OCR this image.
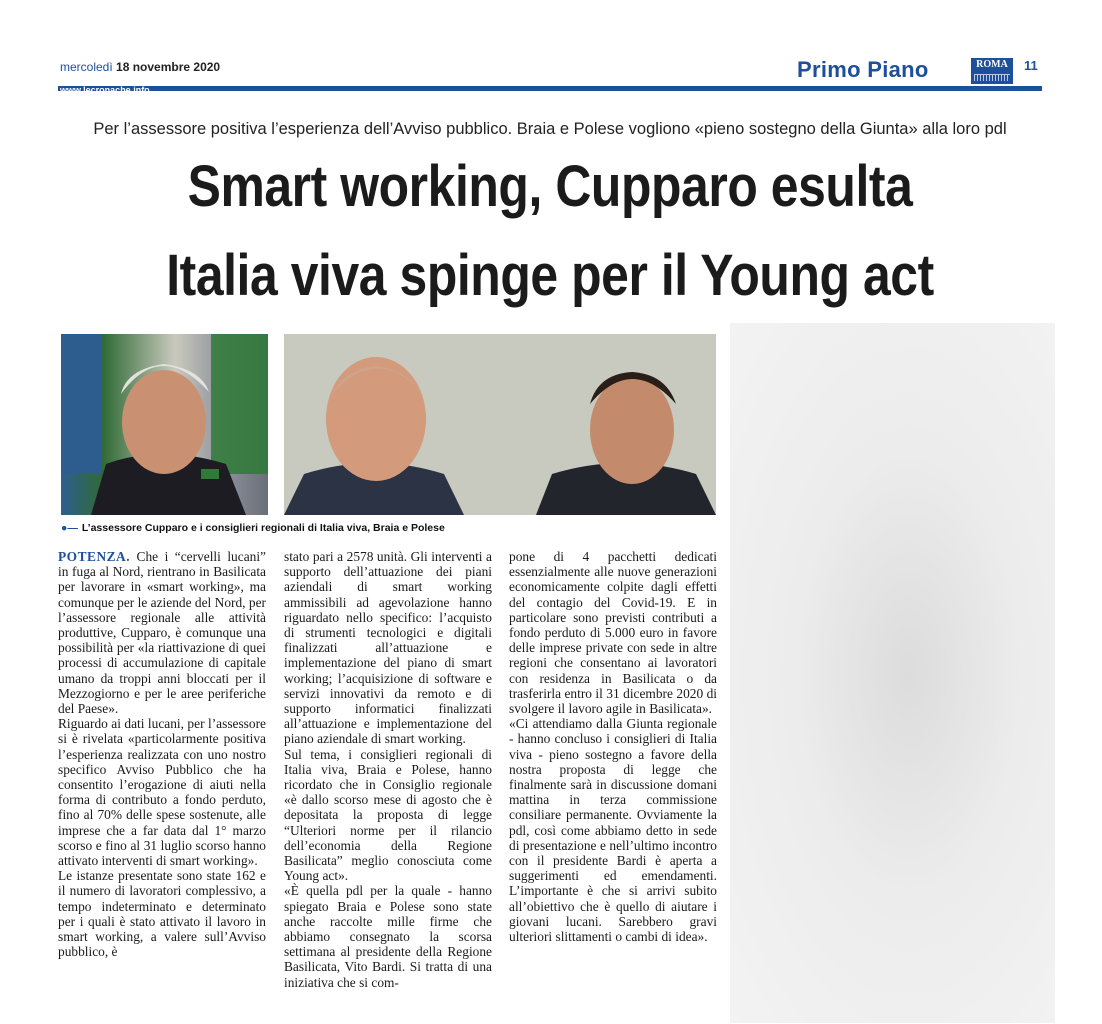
mercoledì 18 novembre 2020
www.lecronache.info
Primo Piano	ROMA	11
Per l’assessore positiva l’esperienza dell’Avviso pubblico. Braia e Polese vogliono «pieno sostegno della Giunta» alla loro pdl
Smart working, Cupparo esulta
Italia viva spinge per il Young act
●— L’assessore Cupparo e i consiglieri regionali di Italia viva, Braia e Polese

POTENZA. Che i “cervelli lucani” in fuga al Nord, rientrano in Basilicata per lavorare in «smart working», ma comunque per le aziende del Nord, per l’assessore regionale alle attività produttive, Cupparo, è comunque una possibilità per «la riattivazione di quei processi di accumulazione di capitale umano da troppi anni bloccati per il Mezzogiorno e per le aree periferiche del Paese».

Riguardo ai dati lucani, per l’assessore si è rivelata «particolarmente positiva l’esperienza realizzata con uno nostro specifico Avviso Pubblico che ha consentito l’erogazione di aiuti nella forma di contributo a fondo perduto, fino al 70% delle spese sostenute, alle imprese che a far data dal 1° marzo scorso e fino al 31 luglio scorso hanno attivato interventi di smart working».

Le istanze presentate sono state 162 e il numero di lavoratori complessivo, a tempo indeterminato e determinato per i quali è stato attivato il lavoro in smart working, a valere sull’Avviso pubblico, è

stato pari a 2578 unità. Gli interventi a supporto dell’attuazione dei piani aziendali di smart working ammissibili ad agevolazione hanno riguardato nello specifico: l’acquisto di strumenti tecnologici e digitali finalizzati all’attuazione e implementazione del piano di smart working; l’acquisizione di software e servizi innovativi da remoto e di supporto informatici finalizzati all’attuazione e implementazione del piano aziendale di smart working.

Sul tema, i consiglieri regionali di Italia viva, Braia e Polese, hanno ricordato che in Consiglio regionale «è dallo scorso mese di agosto che è depositata la proposta di legge “Ulteriori norme per il rilancio dell’economia della Regione Basilicata” meglio conosciuta come Young act».

«È quella pdl per la quale - hanno spiegato Braia e Polese sono state anche raccolte mille firme che abbiamo consegnato la scorsa settimana al presidente della Regione Basilicata, Vito Bardi. Si tratta di una iniziativa che si com-

pone di 4 pacchetti dedicati essenzialmente alle nuove generazioni economicamente colpite dagli effetti del contagio del Covid-19. E in particolare sono previsti contributi a fondo perduto di 5.000 euro in favore delle imprese private con sede in altre regioni che consentano ai lavoratori con residenza in Basilicata o da trasferirla entro il 31 dicembre 2020 di svolgere il lavoro agile in Basilicata».

«Ci attendiamo dalla Giunta regionale - hanno concluso i consiglieri di Italia viva - pieno sostegno a favore della nostra proposta di legge che finalmente sarà in discussione domani mattina in terza commissione consiliare permanente. Ovviamente la pdl, così come abbiamo detto in sede di presentazione e nell’ultimo incontro con il presidente Bardi è aperta a suggerimenti ed emendamenti. L’importante è che si arrivi subito all’obiettivo che è quello di aiutare i giovani lucani. Sarebbero gravi ulteriori slittamenti o cambi di idea».
